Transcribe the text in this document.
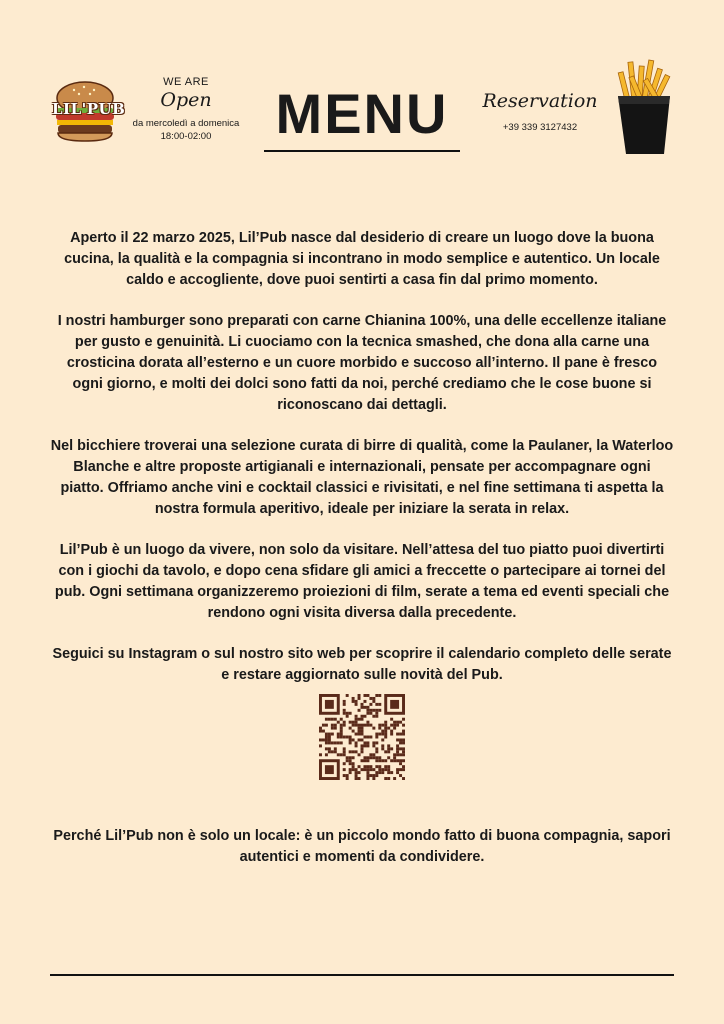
LIL'PUB
WE ARE
Open
da mercoledì a domenica
18:00-02:00	MENU	Reservation
+39 339 3127432

Aperto il 22 marzo 2025, Lil’Pub nasce dal desiderio di creare un luogo dove la buona cucina, la qualità e la compagnia si incontrano in modo semplice e autentico. Un locale caldo e accogliente, dove puoi sentirti a casa fin dal primo momento.

I nostri hamburger sono preparati con carne Chianina 100%, una delle eccellenze italiane per gusto e genuinità. Li cuociamo con la tecnica smashed, che dona alla carne una crosticina dorata all’esterno e un cuore morbido e succoso all’interno. Il pane è fresco ogni giorno, e molti dei dolci sono fatti da noi, perché crediamo che le cose buone si riconoscano dai dettagli.

Nel bicchiere troverai una selezione curata di birre di qualità, come la Paulaner, la Waterloo Blanche e altre proposte artigianali e internazionali, pensate per accompagnare ogni piatto. Offriamo anche vini e cocktail classici e rivisitati, e nel fine settimana ti aspetta la nostra formula aperitivo, ideale per iniziare la serata in relax.

Lil’Pub è un luogo da vivere, non solo da visitare. Nell’attesa del tuo piatto puoi divertirti con i giochi da tavolo, e dopo cena sfidare gli amici a freccette o partecipare ai tornei del pub. Ogni settimana organizzeremo proiezioni di film, serate a tema ed eventi speciali che rendono ogni visita diversa dalla precedente.

Seguici su Instagram o sul nostro sito web per scoprire il calendario completo delle serate e restare aggiornato sulle novità del Pub.

Perché Lil’Pub non è solo un locale: è un piccolo mondo fatto di buona compagnia, sapori autentici e momenti da condividere.
